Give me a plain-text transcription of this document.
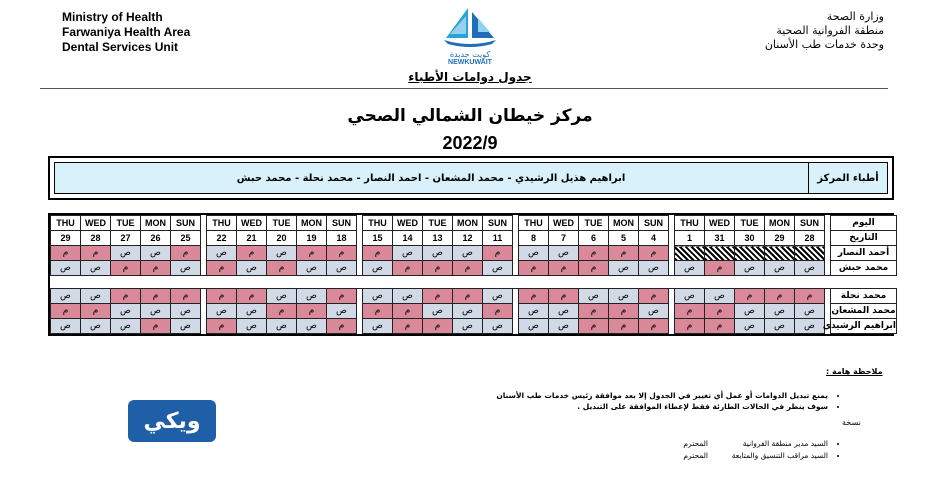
Ministry of Health
Farwaniya Health Area
Dental Services Unit
وزارة الصحة
منطقة الفروانية الصحية
وحدة خدمات طب الأسنان
كويت جديدة
NEWKUWAIT
جدول دوامات الأطباء
مركز خيطان الشمالي الصحي
2022/9
ابراهيم هذيل الرشيدي - محمد المشعان - احمد النصار - محمد نحلة - محمد حبش	أطباء المركز
THU	WED	TUE	MON	SUN		THU	WED	TUE	MON	SUN		THU	WED	TUE	MON	SUN		THU	WED	TUE	MON	SUN		THU	WED	TUE	MON	SUN		اليوم
29	28	27	26	25		22	21	20	19	18		15	14	13	12	11		8	7	6	5	4		1	31	30	29	28		التاريخ
م	م	ص	ص	م		ص	م	ص	م	م		م	ص	ص	ص	م		ص	ص	م	م	م								أحمد النصار
ص	ص	م	م	ص		م	ص	م	ص	ص		ص	م	م	م	ص		م	م	م	ص	ص		ص	م	ص	ص	ص		محمد حبش

ص	ص	م	م	م		م	م	ص	ص	م		ص	ص	م	م	ص		م	م	ص	ص	م		ص	ص	م	م	م		محمد نحلة
م	م	ص	ص	ص		ص	ص	م	م	ص		م	م	ص	ص	م		ص	ص	م	م	ص		م	م	ص	ص	ص		محمد المشعان
ص	ص	ص	م	ص		م	ص	ص	ص	م		ص	م	م	ص	ص		ص	ص	م	م	م		م	م	ص	ص	ص		ابراهيم الرشيدي
ملاحظة هامة :
• يمنع تبديل الدوامات أو عمل أي تغيير في الجدول إلا بعد موافقة رئيس خدمات طب الأسنان
• سوف ينظر في الحالات الطارئة فقط لإعطاء الموافقة على التبديل .
نسخة
• السيد مدير منطقة الفروانيةالمحترم
• السيد مراقب التنسيق والمتابعةالمحترم
ويكي
